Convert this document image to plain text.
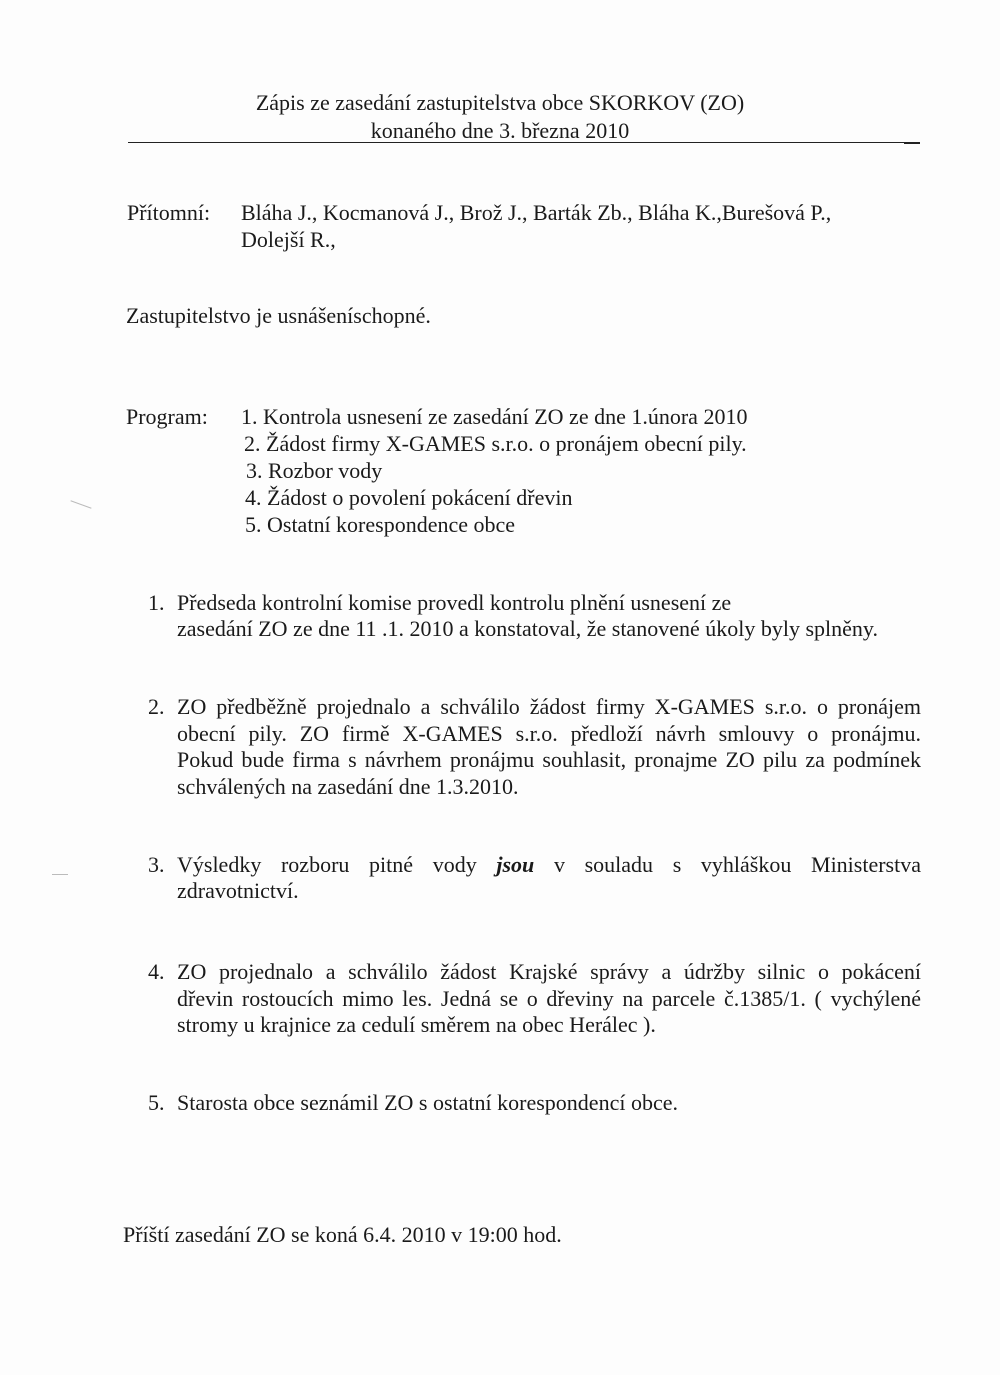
Zápis ze zasedání zastupitelstva obce SKORKOV (ZO)
konaného dne 3. března 2010
Přítomní: Bláha J., Kocmanová J., Brož J., Barták Zb., Bláha K.,Burešová P.,
Dolejší R.,
Zastupitelstvo je usnášeníschopné.
Program: 1. Kontrola usnesení ze zasedání ZO ze dne 1.února 2010
2. Žádost firmy X-GAMES s.r.o. o pronájem obecní pily.
3. Rozbor vody
4. Žádost o povolení pokácení dřevin
5. Ostatní korespondence obce
1. Předseda kontrolní komise provedl kontrolu plnění usnesení ze
zasedání ZO ze dne 11 .1. 2010 a konstatoval, že stanovené úkoly byly splněny.
2. ZO předběžně projednalo a schválilo žádost firmy X-GAMES s.r.o. o pronájem
obecní pily. ZO firmě X-GAMES s.r.o. předloží návrh smlouvy o pronájmu.
Pokud bude firma s návrhem pronájmu souhlasit, pronajme ZO pilu za podmínek
schválených na zasedání dne 1.3.2010.
3. Výsledky rozboru pitné vody jsou v souladu s vyhláškou Ministerstva
zdravotnictví.
4. ZO projednalo a schválilo žádost Krajské správy a údržby silnic o pokácení
dřevin rostoucích mimo les. Jedná se o dřeviny na parcele č.1385/1. ( vychýlené
stromy u krajnice za cedulí směrem na obec Herálec ).
5. Starosta obce seznámil ZO s ostatní korespondencí obce.
Příští zasedání ZO se koná 6.4. 2010 v 19:00 hod.
